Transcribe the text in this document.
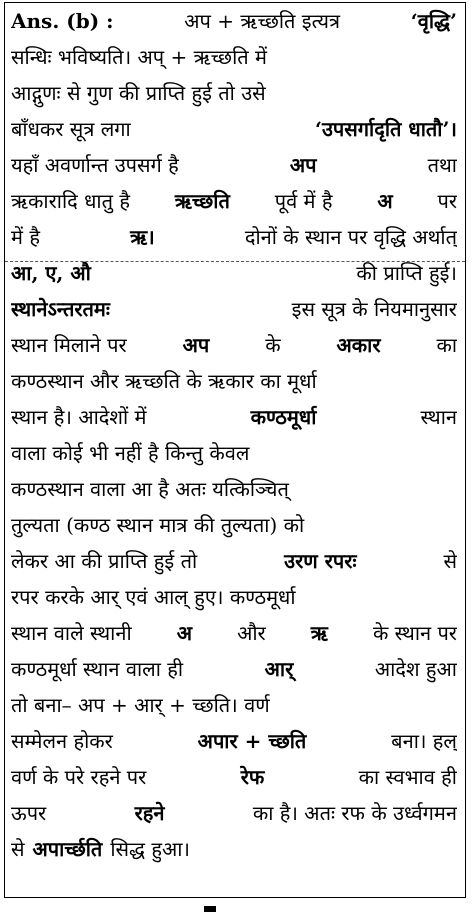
Ans. (b) :	अप + ऋच्छति इत्यत्र	‘वृद्धि’
सन्धिः भवि‍ष्यति। अप् + ऋच्छति में
आद्गुणः से गुण की प्राप्ति हुई तो उसे
बाँधकर सूत्र लगा	‘उपसर्गादृति धातौ’।
यहाँ अवर्णान्त उपसर्ग है	अप	तथा
ऋकारादि धातु है ऋच्छति पूर्व में है अ पर
में है	ऋ।	दोनों के स्थान पर वृद्धि अर्थात्
आ, ए, औ	की प्राप्ति हुई।
स्थानेऽन्तरतमः	इस सूत्र के नियमानुसार
स्थान मिलाने पर	अप	के	अकार	का
कण्ठस्थान और ऋच्छति के ऋकार का मूर्धा
स्थान है। आदेशों में	कण्ठमूर्धा	स्थान
वाला कोई भी नहीं है किन्तु केवल
कण्ठस्थान वाला आ है अतः यत्किञ्चित्
तुल्यता (कण्ठ स्थान मात्र की तुल्यता) को
लेकर आ की प्राप्ति हुई तो	उरण रपरः	से
रपर करके आर् एवं आल् हुए। कण्ठमूर्धा
स्थान वाले स्थानी अ और ऋ के स्थान पर
कण्ठमूर्धा स्थान वाला ही	आर्	आदेश हुआ
तो बना– अप + आर् + च्छति। वर्ण
सम्मेलन होकर	अपार + च्छति	बना। हल्
वर्ण के परे रहने पर	रेफ	का स्वभाव ही
ऊपर	रहने	का है। अतः रफ के उर्ध्वगमन
से अपार्च्छति सिद्ध हुआ।
